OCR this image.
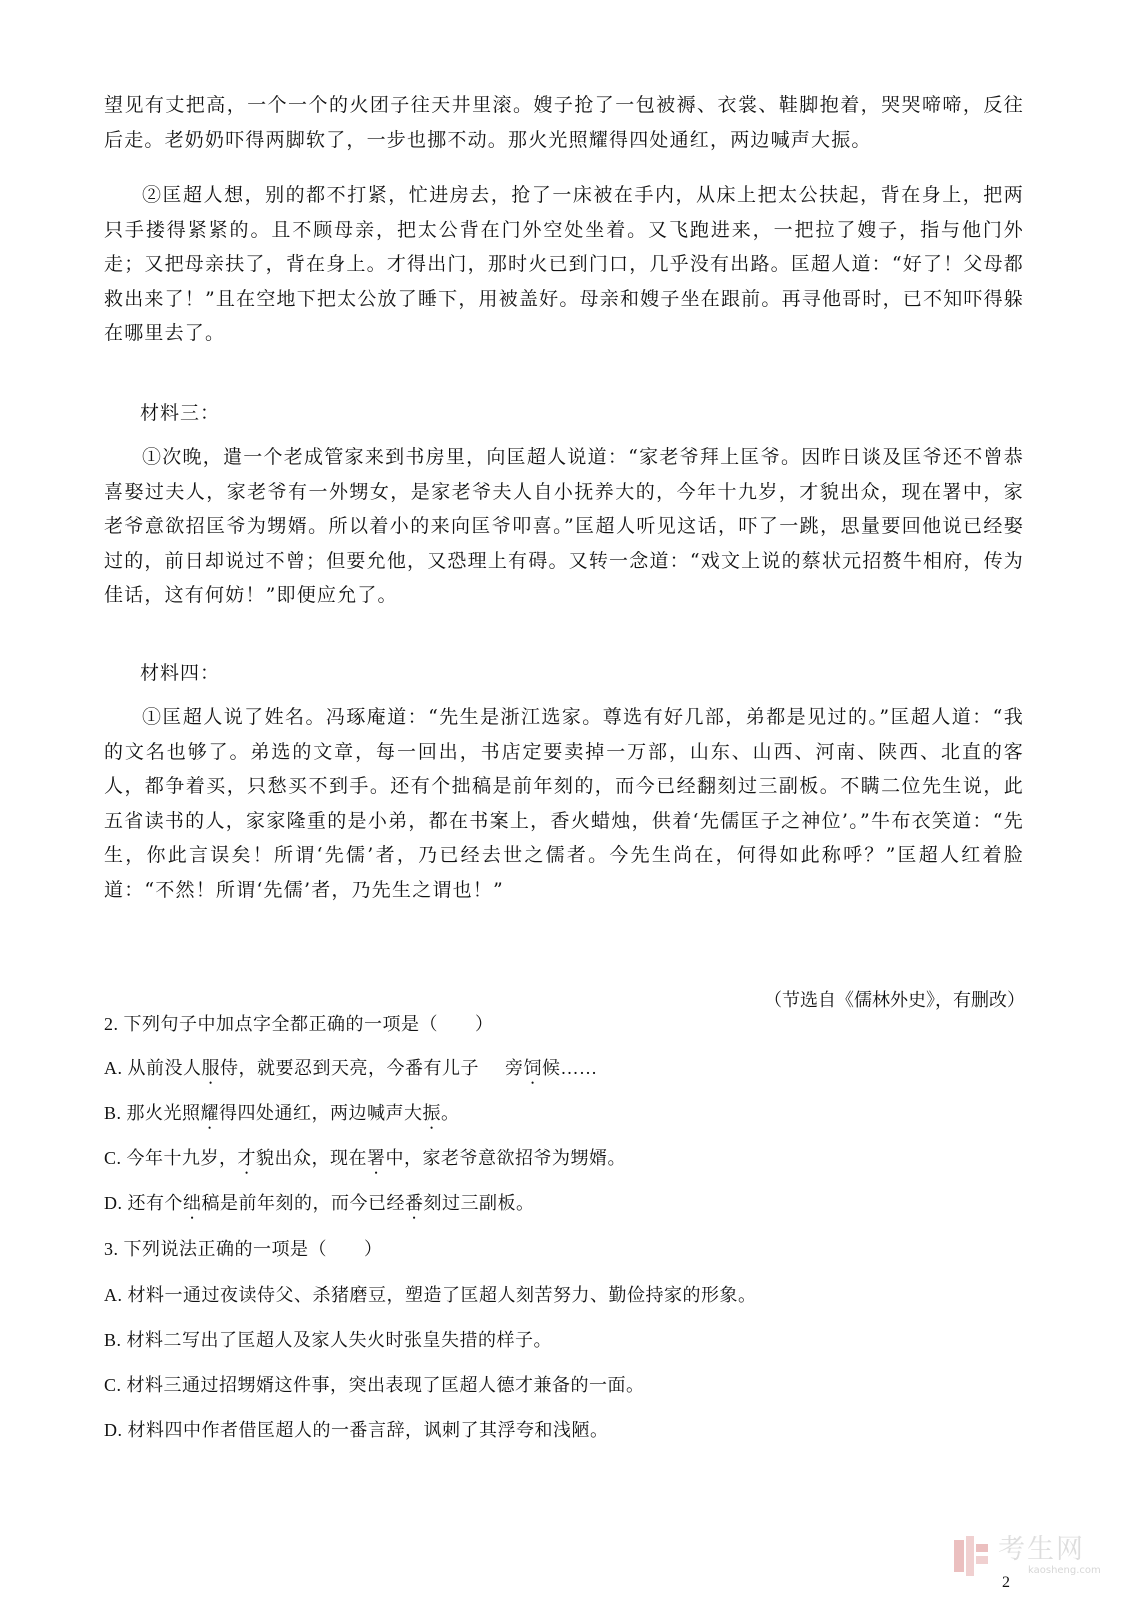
望见有丈把高，一个一个的火团子往天井里滚。嫂子抢了一包被褥、衣裳、鞋脚抱着，哭哭啼啼，反往后走。老奶奶吓得两脚软了，一步也挪不动。那火光照耀得四处通红，两边喊声大振。

②匡超人想，别的都不打紧，忙进房去，抢了一床被在手内，从床上把太公扶起，背在身上，把两只手搂得紧紧的。且不顾母亲，把太公背在门外空处坐着。又飞跑进来，一把拉了嫂子，指与他门外走；又把母亲扶了，背在身上。才得出门，那时火已到门口，几乎没有出路。匡超人道：“好了！父母都救出来了！”且在空地下把太公放了睡下，用被盖好。母亲和嫂子坐在跟前。再寻他哥时，已不知吓得躲在哪里去了。

材料三：

①次晚，遣一个老成管家来到书房里，向匡超人说道：“家老爷拜上匡爷。因昨日谈及匡爷还不曾恭喜娶过夫人，家老爷有一外甥女，是家老爷夫人自小抚养大的，今年十九岁，才貌出众，现在署中，家老爷意欲招匡爷为甥婿。所以着小的来向匡爷叩喜。”匡超人听见这话，吓了一跳，思量要回他说已经娶过的，前日却说过不曾；但要允他，又恐理上有碍。又转一念道：“戏文上说的蔡状元招赘牛相府，传为佳话，这有何妨！”即便应允了。

材料四：

①匡超人说了姓名。冯琢庵道：“先生是浙江选家。尊选有好几部，弟都是见过的。”匡超人道：“我的文名也够了。弟选的文章，每一回出，书店定要卖掉一万部，山东、山西、河南、陕西、北直的客人，都争着买，只愁买不到手。还有个拙稿是前年刻的，而今已经翻刻过三副板。不瞒二位先生说，此五省读书的人，家家隆重的是小弟，都在书案上，香火蜡烛，供着‘先儒匡子之神位’。”牛布衣笑道：“先生，你此言误矣！所谓‘先儒’者，乃已经去世之儒者。今先生尚在，何得如此称呼？”匡超人红着脸道：“不然！所谓‘先儒’者，乃先生之谓也！”

（节选自《儒林外史》，有删改）

2. 下列句子中加点字全都正确的一项是（　　）

A. 从前没人服侍，就要忍到天亮，今番有儿子 旁饲候……

B. 那火光照耀得四处通红，两边喊声大振。

C. 今年十九岁，才貌出众，现在署中，家老爷意欲招爷为甥婿。

D. 还有个绌稿是前年刻的，而今已经番刻过三副板。

3. 下列说法正确的一项是（　　）

A. 材料一通过夜读侍父、杀猪磨豆，塑造了匡超人刻苦努力、勤俭持家的形象。

B. 材料二写出了匡超人及家人失火时张皇失措的样子。

C. 材料三通过招甥婿这件事，突出表现了匡超人德才兼备的一面。

D. 材料四中作者借匡超人的一番言辞，讽刺了其浮夸和浅陋。

考生网
kaosheng.com

2
